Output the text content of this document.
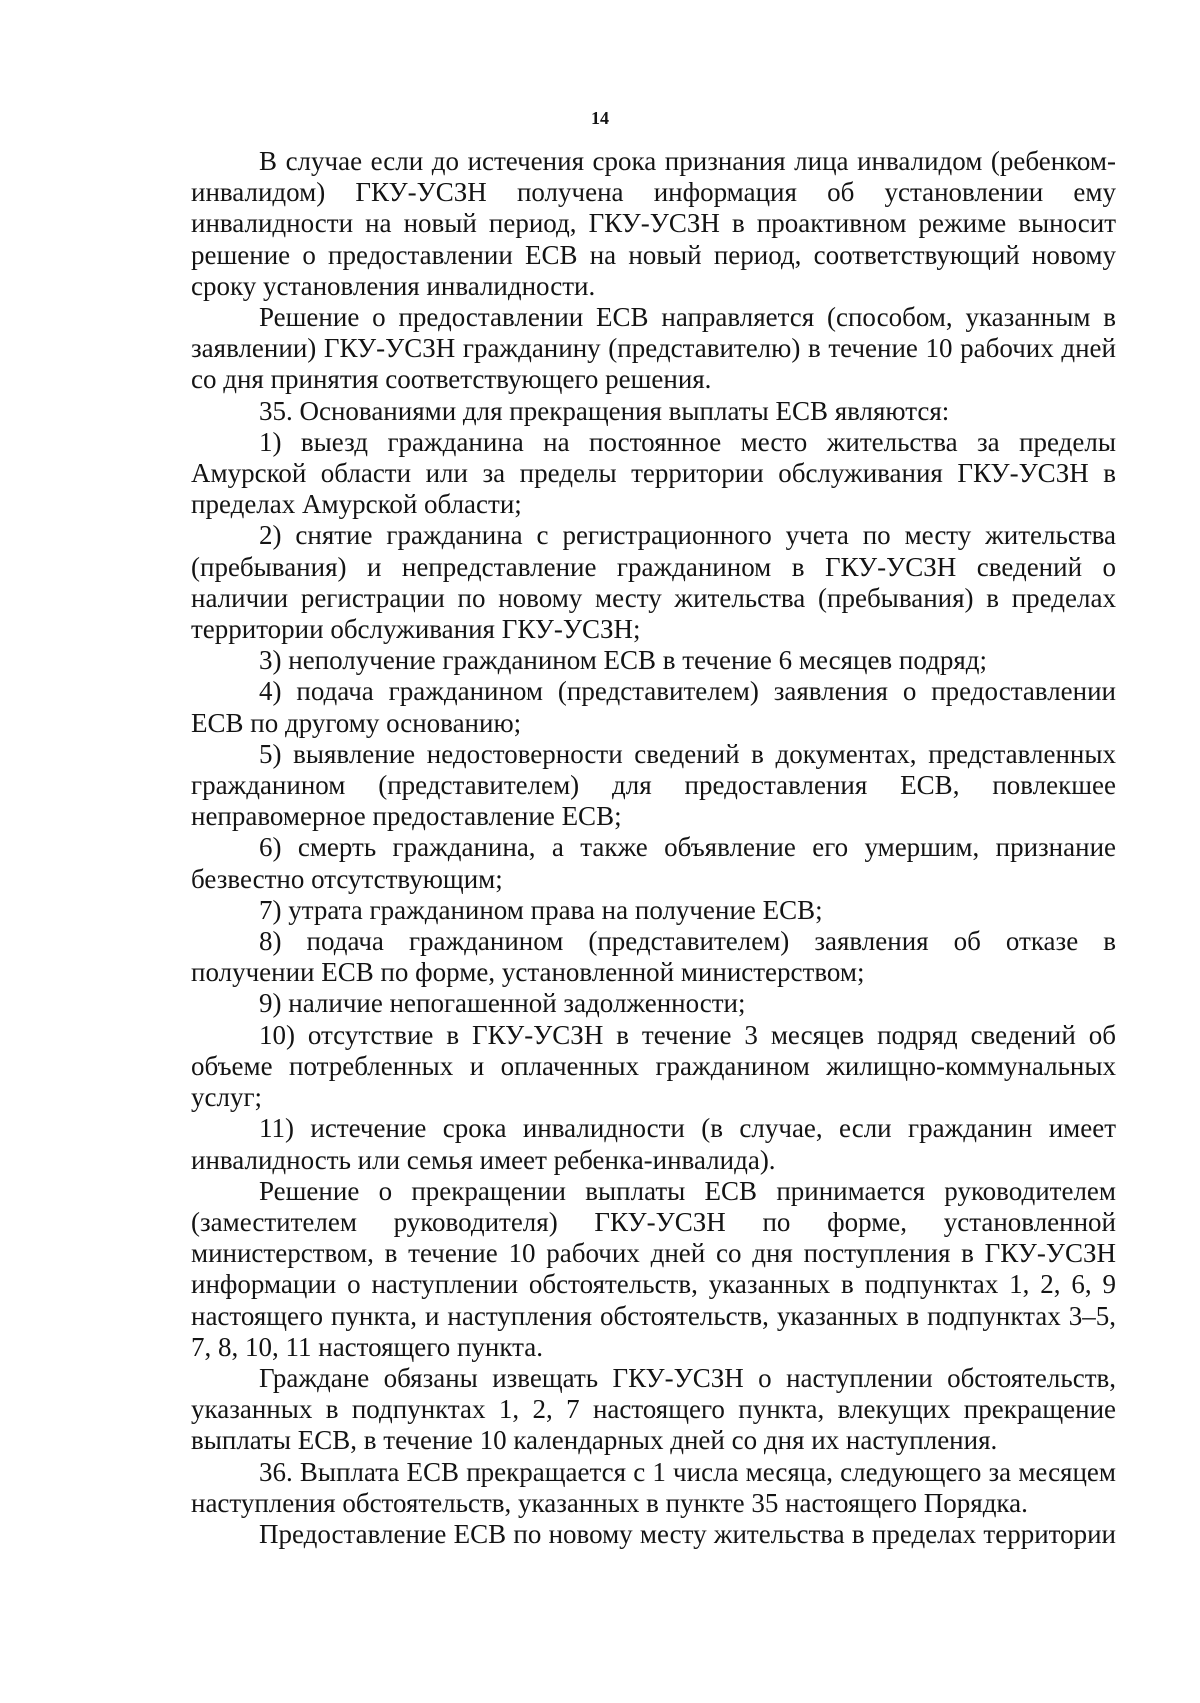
14

В случае если до истечения срока признания лица инвалидом (ребенком-инвалидом) ГКУ-УСЗН получена информация об установлении ему инвалидности на новый период, ГКУ-УСЗН в проактивном режиме выносит решение о предоставлении ЕСВ на новый период, соответствующий новому сроку установления инвалидности.

Решение о предоставлении ЕСВ направляется (способом, указанным в заявлении) ГКУ-УСЗН гражданину (представителю) в течение 10 рабочих дней со дня принятия соответствующего решения.

35. Основаниями для прекращения выплаты ЕСВ являются:

1) выезд гражданина на постоянное место жительства за пределы Амурской области или за пределы территории обслуживания ГКУ-УСЗН в пределах Амурской области;

2) снятие гражданина с регистрационного учета по месту жительства (пребывания) и непредставление гражданином в ГКУ-УСЗН сведений о наличии регистрации по новому месту жительства (пребывания) в пределах территории обслуживания ГКУ-УСЗН;

3) неполучение гражданином ЕСВ в течение 6 месяцев подряд;

4) подача гражданином (представителем) заявления о предоставлении ЕСВ по другому основанию;

5) выявление недостоверности сведений в документах, представленных гражданином (представителем) для предоставления ЕСВ, повлекшее неправомерное предоставление ЕСВ;

6) смерть гражданина, а также объявление его умершим, признание безвестно отсутствующим;

7) утрата гражданином права на получение ЕСВ;

8) подача гражданином (представителем) заявления об отказе в получении ЕСВ по форме, установленной министерством;

9) наличие непогашенной задолженности;

10) отсутствие в ГКУ-УСЗН в течение 3 месяцев подряд сведений об объеме потребленных и оплаченных гражданином жилищно-коммунальных услуг;

11) истечение срока инвалидности (в случае, если гражданин имеет инвалидность или семья имеет ребенка-инвалида).

Решение о прекращении выплаты ЕСВ принимается руководителем (заместителем руководителя) ГКУ-УСЗН по форме, установленной министерством, в течение 10 рабочих дней со дня поступления в ГКУ-УСЗН информации о наступлении обстоятельств, указанных в подпунктах 1, 2, 6, 9 настоящего пункта, и наступления обстоятельств, указанных в подпунктах 3–5, 7, 8, 10, 11 настоящего пункта.

Граждане обязаны извещать ГКУ-УСЗН о наступлении обстоятельств, указанных в подпунктах 1, 2, 7 настоящего пункта, влекущих прекращение выплаты ЕСВ, в течение 10 календарных дней со дня их наступления.

36. Выплата ЕСВ прекращается с 1 числа месяца, следующего за месяцем наступления обстоятельств, указанных в пункте 35 настоящего Порядка.

Предоставление ЕСВ по новому месту жительства в пределах территории
